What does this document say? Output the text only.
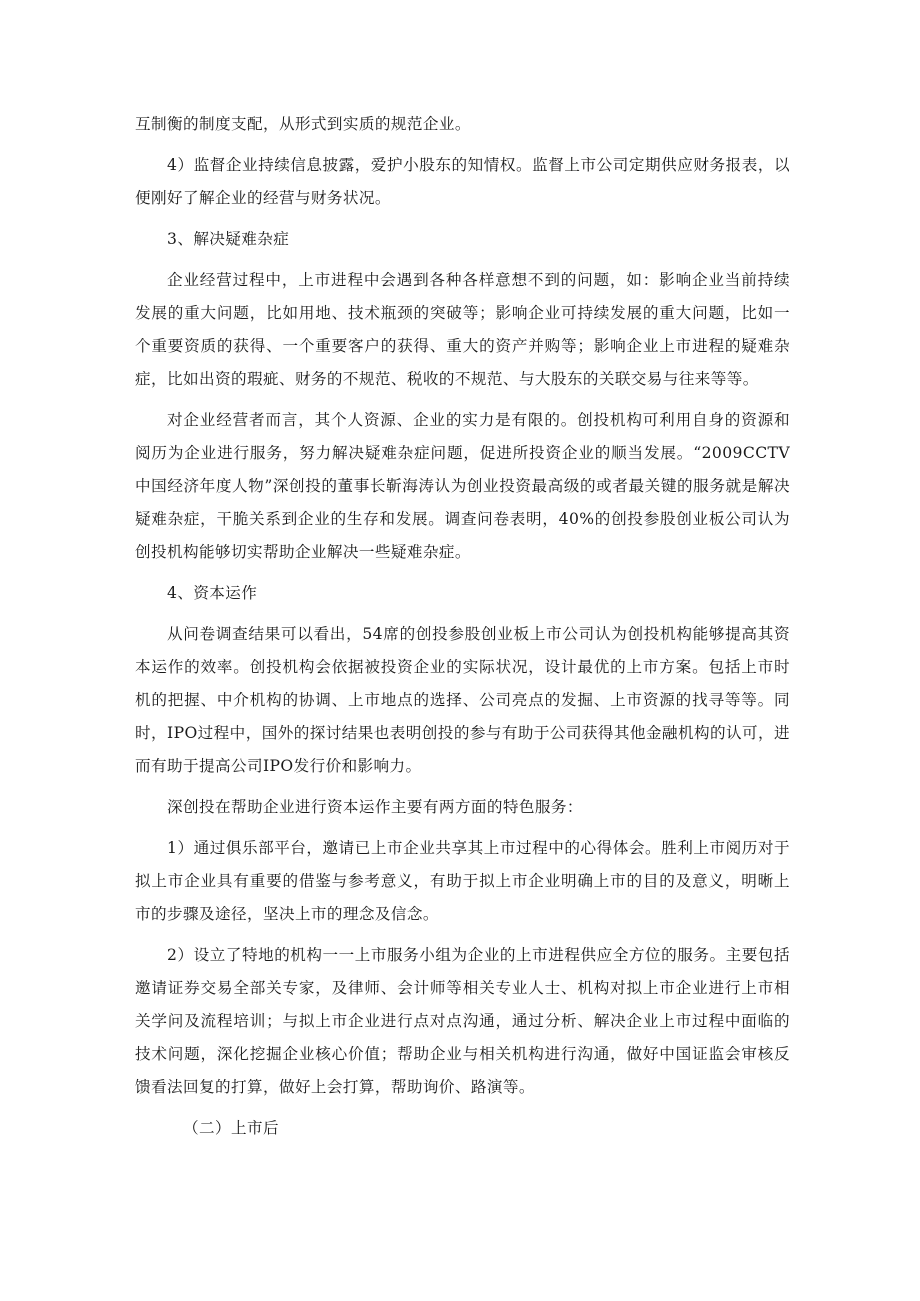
互制衡的制度支配，从形式到实质的规范企业。

4）监督企业持续信息披露，爱护小股东的知情权。监督上市公司定期供应财务报表，以便刚好了解企业的经营与财务状况。

3、解决疑难杂症

企业经营过程中，上市进程中会遇到各种各样意想不到的问题，如：影响企业当前持续发展的重大问题，比如用地、技术瓶颈的突破等；影响企业可持续发展的重大问题，比如一个重要资质的获得、一个重要客户的获得、重大的资产并购等；影响企业上市进程的疑难杂症，比如出资的瑕疵、财务的不规范、税收的不规范、与大股东的关联交易与往来等等。

对企业经营者而言，其个人资源、企业的实力是有限的。创投机构可利用自身的资源和阅历为企业进行服务，努力解决疑难杂症问题，促进所投资企业的顺当发展。“2009CCTV中国经济年度人物”深创投的董事长靳海涛认为创业投资最高级的或者最关键的服务就是解决疑难杂症，干脆关系到企业的生存和发展。调查问卷表明，40%的创投参股创业板公司认为创投机构能够切实帮助企业解决一些疑难杂症。

4、资本运作

从问卷调查结果可以看出，54席的创投参股创业板上市公司认为创投机构能够提高其资本运作的效率。创投机构会依据被投资企业的实际状况，设计最优的上市方案。包括上市时机的把握、中介机构的协调、上市地点的选择、公司亮点的发掘、上市资源的找寻等等。同时，IPO过程中，国外的探讨结果也表明创投的参与有助于公司获得其他金融机构的认可，进而有助于提高公司IPO发行价和影响力。

深创投在帮助企业进行资本运作主要有两方面的特色服务：

1）通过俱乐部平台，邀请已上市企业共享其上市过程中的心得体会。胜利上市阅历对于拟上市企业具有重要的借鉴与参考意义，有助于拟上市企业明确上市的目的及意义，明晰上市的步骤及途径，坚决上市的理念及信念。

2）设立了特地的机构一一上市服务小组为企业的上市进程供应全方位的服务。主要包括邀请证券交易全部关专家，及律师、会计师等相关专业人士、机构对拟上市企业进行上市相关学问及流程培训；与拟上市企业进行点对点沟通，通过分析、解决企业上市过程中面临的技术问题，深化挖掘企业核心价值；帮助企业与相关机构进行沟通，做好中国证监会审核反馈看法回复的打算，做好上会打算，帮助询价、路演等。

（二）上市后
